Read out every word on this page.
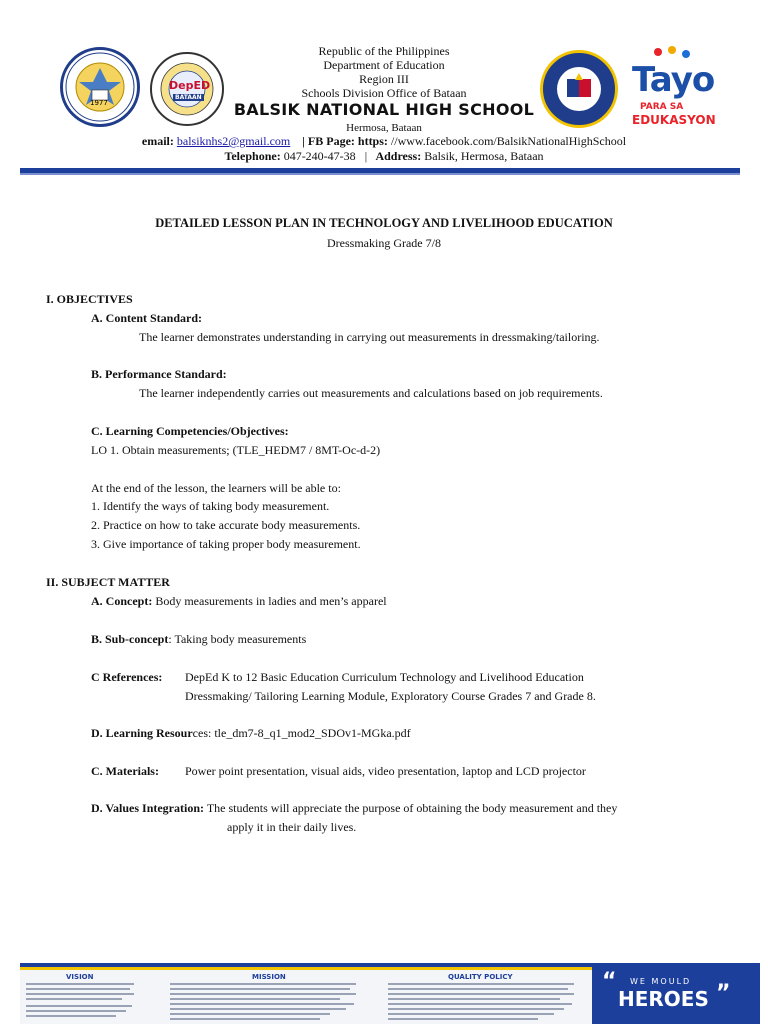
1977
DepED
BATAAN
Republic of the Philippines
Department of Education
Region III
Schools Division Office of Bataan
BALSIK NATIONAL HIGH SCHOOL
Hermosa, Bataan
email: balsiknhs2@gmail.com | FB Page: https: //www.facebook.com/BalsikNationalHighSchool
Telephone: 047-240-47-38 | Address: Balsik, Hermosa, Bataan
Tayo
PARA SA
EDUKASYON
DETAILED LESSON PLAN IN TECHNOLOGY AND LIVELIHOOD EDUCATION
Dressmaking Grade 7/8
I. OBJECTIVES
A. Content Standard:
The learner demonstrates understanding in carrying out measurements in dressmaking/tailoring.
B. Performance Standard:
The learner independently carries out measurements and calculations based on job requirements.
C. Learning Competencies/Objectives:
LO 1. Obtain measurements; (TLE_HEDM7 / 8MT-Oc-d-2)
At the end of the lesson, the learners will be able to:
1. Identify the ways of taking body measurement.
2. Practice on how to take accurate body measurements.
3. Give importance of taking proper body measurement.
II. SUBJECT MATTER
A. Concept: Body measurements in ladies and men’s apparel
B. Sub-concept: Taking body measurements
C References: DepEd K to 12 Basic Education Curriculum Technology and Livelihood Education
Dressmaking/ Tailoring Learning Module, Exploratory Course Grades 7 and Grade 8.
D. Learning Resources: tle_dm7-8_q1_mod2_SDOv1-MGka.pdf
C. Materials: Power point presentation, visual aids, video presentation, laptop and LCD projector
D. Values Integration: The students will appreciate the purpose of obtaining the body measurement and they
apply it in their daily lives.
VISION	MISSION	QUALITY POLICY	“ WE MOULD
HEROES ”
